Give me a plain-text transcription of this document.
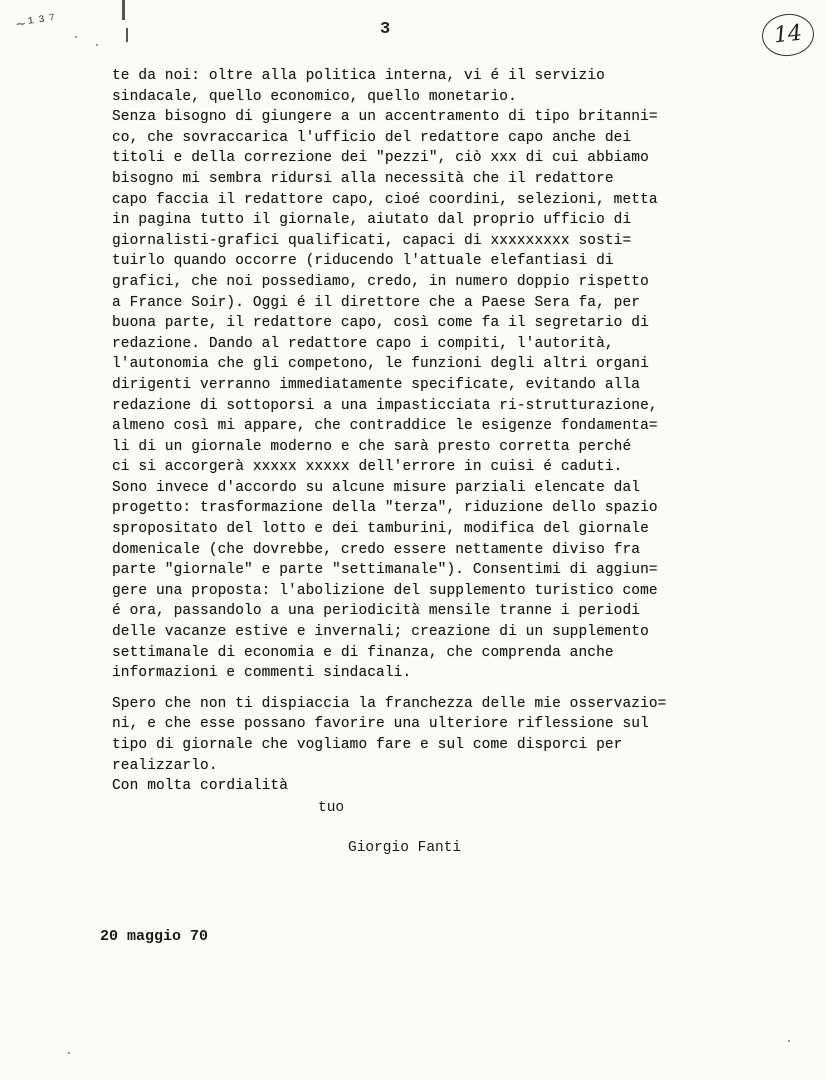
~¹³⁷	3	14
te da noi: oltre alla politica interna, vi é il servizio
sindacale, quello economico, quello monetario.
Senza bisogno di giungere a un accentramento di tipo britanni=
co, che sovraccarica l'ufficio del redattore capo anche dei
titoli e della correzione dei "pezzi", ciò xxx di cui abbiamo
bisogno mi sembra ridursi alla necessità che il redattore
capo faccia il redattore capo, cioé coordini, selezioni, metta
in pagina tutto il giornale, aiutato dal proprio ufficio di
giornalisti-grafici qualificati, capaci di xxxxxxxxx sosti=
tuirlo quando occorre (riducendo l'attuale elefantiasi di
grafici, che noi possediamo, credo, in numero doppio rispetto
a France Soir). Oggi é il direttore che a Paese Sera fa, per
buona parte, il redattore capo, così come fa il segretario di
redazione. Dando al redattore capo i compiti, l'autorità,
l'autonomia che gli competono, le funzioni degli altri organi
dirigenti verranno immediatamente specificate, evitando alla
redazione di sottoporsi a una impasticciata ri-strutturazione,
almeno così mi appare, che contraddice le esigenze fondamenta=
li di un giornale moderno e che sarà presto corretta perché
ci si accorgerà xxxxx xxxxx dell'errore in cuisi é caduti.
Sono invece d'accordo su alcune misure parziali elencate dal
progetto: trasformazione della "terza", riduzione dello spazio
spropositato del lotto e dei tamburini, modifica del giornale
domenicale (che dovrebbe, credo essere nettamente diviso fra
parte "giornale" e parte "settimanale"). Consentimi di aggiun=
gere una proposta: l'abolizione del supplemento turistico come
é ora, passandolo a una periodicità mensile tranne i periodi
delle vacanze estive e invernali; creazione di un supplemento
settimanale di economia e di finanza, che comprenda anche
informazioni e commenti sindacali.
Spero che non ti dispiaccia la franchezza delle mie osservazio=
ni, e che esse possano favorire una ulteriore riflessione sul
tipo di giornale che vogliamo fare e sul come disporci per
realizzarlo.
Con molta cordialità
tuo
Giorgio Fanti
20 maggio 70
